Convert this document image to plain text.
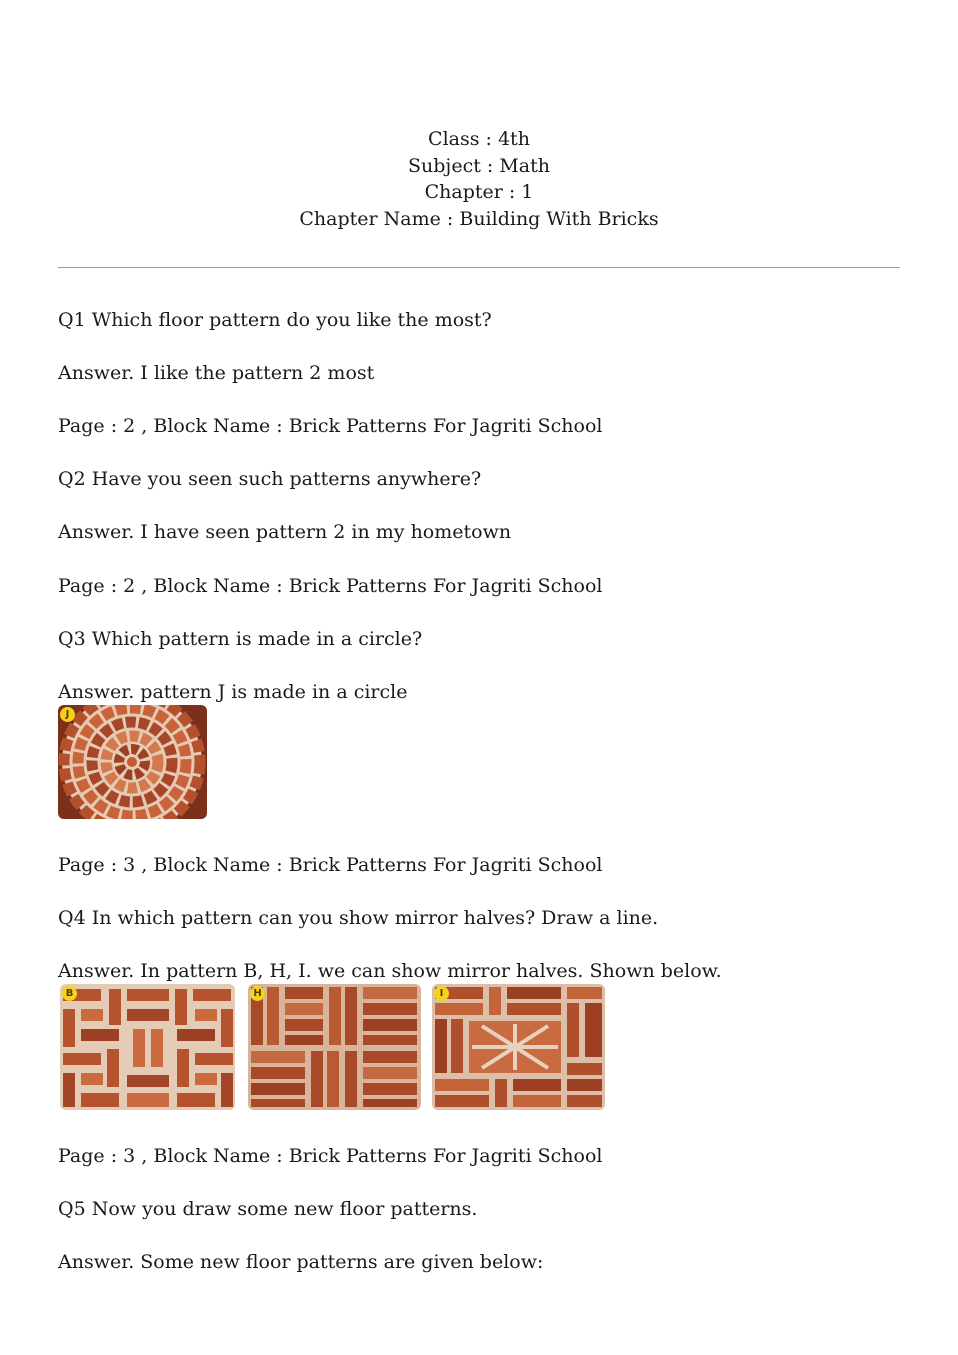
Class : 4th
Subject : Math
Chapter : 1
Chapter Name : Building With Bricks
Q1 Which floor pattern do you like the most?
Answer. I like the pattern 2 most
Page : 2 , Block Name : Brick Patterns For Jagriti School
Q2 Have you seen such patterns anywhere?
Answer. I have seen pattern 2 in my hometown
Page : 2 , Block Name : Brick Patterns For Jagriti School
Q3 Which pattern is made in a circle?
Answer. pattern J is made in a circle
J
Page : 3 , Block Name : Brick Patterns For Jagriti School
Q4 In which pattern can you show mirror halves? Draw a line.
Answer. In pattern B, H, I. we can show mirror halves. Shown below.
B	H	I
Page : 3 , Block Name : Brick Patterns For Jagriti School
Q5 Now you draw some new floor patterns.
Answer. Some new floor patterns are given below:
